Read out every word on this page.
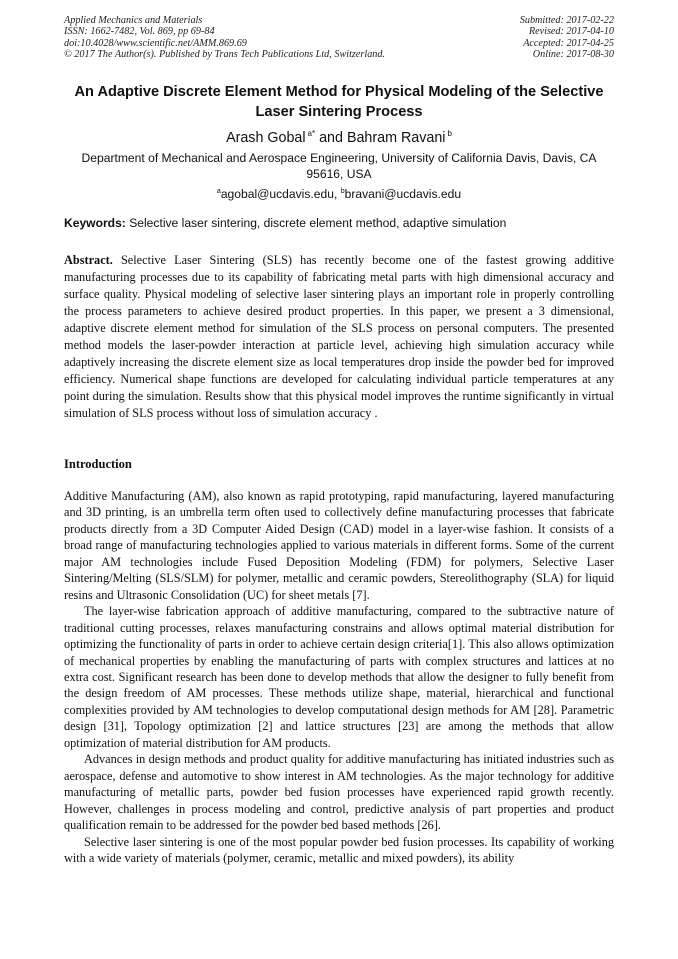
Applied Mechanics and Materials
ISSN: 1662-7482, Vol. 869, pp 69-84
doi:10.4028/www.scientific.net/AMM.869.69
© 2017 The Author(s). Published by Trans Tech Publications Ltd, Switzerland.
Submitted: 2017-02-22
Revised: 2017-04-10
Accepted: 2017-04-25
Online: 2017-08-30
An Adaptive Discrete Element Method for Physical Modeling of the Selective Laser Sintering Process
Arash Gobal $^{a*}$ and Bahram Ravani $^b$
Department of Mechanical and Aerospace Engineering, University of California Davis, Davis, CA 95616, USA
$^a$agobal@ucdavis.edu, $^b$bravani@ucdavis.edu
Keywords: Selective laser sintering, discrete element method, adaptive simulation

Abstract. Selective Laser Sintering (SLS) has recently become one of the fastest growing additive manufacturing processes due to its capability of fabricating metal parts with high dimensional accuracy and surface quality. Physical modeling of selective laser sintering plays an important role in properly controlling the process parameters to achieve desired product properties. In this paper, we present a 3 dimensional, adaptive discrete element method for simulation of the SLS process on personal computers. The presented method models the laser-powder interaction at particle level, achieving high simulation accuracy while adaptively increasing the discrete element size as local temperatures drop inside the powder bed for improved efficiency. Numerical shape functions are developed for calculating individual particle temperatures at any point during the simulation. Results show that this physical model improves the runtime significantly in virtual simulation of SLS process without loss of simulation accuracy .

Introduction

Additive Manufacturing (AM), also known as rapid prototyping, rapid manufacturing, layered manufacturing and 3D printing, is an umbrella term often used to collectively define manufacturing processes that fabricate products directly from a 3D Computer Aided Design (CAD) model in a layer-wise fashion. It consists of a broad range of manufacturing technologies applied to various materials in different forms. Some of the current major AM technologies include Fused Deposition Modeling (FDM) for polymers, Selective Laser Sintering/Melting (SLS/SLM) for polymer, metallic and ceramic powders, Stereolithography (SLA) for liquid resins and Ultrasonic Consolidation (UC) for sheet metals [7].

The layer-wise fabrication approach of additive manufacturing, compared to the subtractive nature of traditional cutting processes, relaxes manufacturing constrains and allows optimal material distribution for optimizing the functionality of parts in order to achieve certain design criteria[1]. This also allows optimization of mechanical properties by enabling the manufacturing of parts with complex structures and lattices at no extra cost. Significant research has been done to develop methods that allow the designer to fully benefit from the design freedom of AM processes. These methods utilize shape, material, hierarchical and functional complexities provided by AM technologies to develop computational design methods for AM [28]. Parametric design [31], Topology optimization [2] and lattice structures [23] are among the methods that allow optimization of material distribution for AM products.

Advances in design methods and product quality for additive manufacturing has initiated industries such as aerospace, defense and automotive to show interest in AM technologies. As the major technology for additive manufacturing of metallic parts, powder bed fusion processes have experienced rapid growth recently. However, challenges in process modeling and control, predictive analysis of part properties and product qualification remain to be addressed for the powder bed based methods [26].

Selective laser sintering is one of the most popular powder bed fusion processes. Its capability of working with a wide variety of materials (polymer, ceramic, metallic and mixed powders), its ability
